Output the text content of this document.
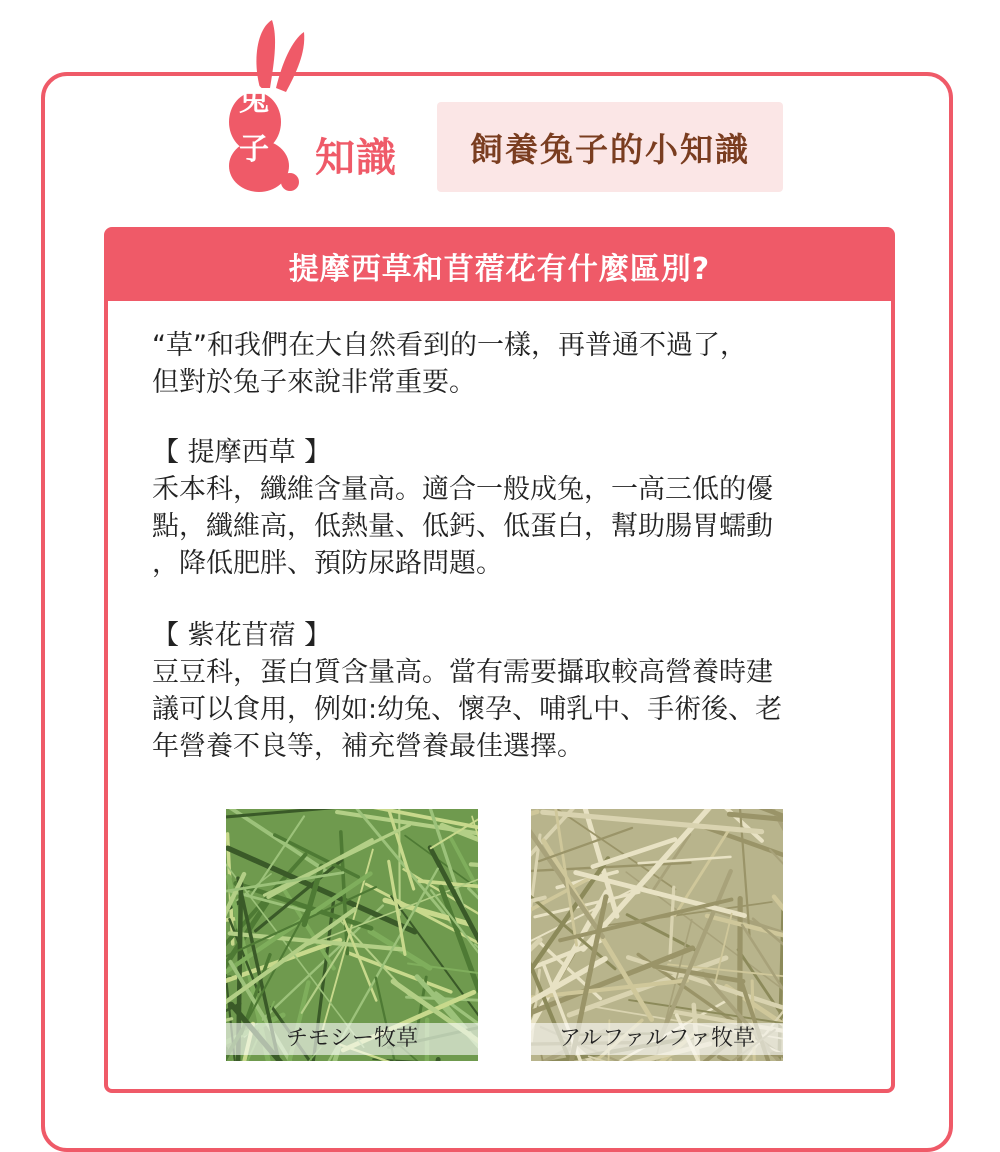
兔
子 知識	飼養兔子的小知識
提摩西草和苜蓿花有什麼區別?

“草”和我們在大自然看到的一樣，再普通不過了，
但對於兔子來說非常重要。

【 提摩西草 】

禾本科，纖維含量高。適合一般成兔，一高三低的優
點，纖維高，低熱量、低鈣、低蛋白，幫助腸胃蠕動
，降低肥胖、預防尿路問題。

【 紫花苜蓿 】

豆豆科，蛋白質含量高。當有需要攝取較高營養時建
議可以食用，例如:幼兔、懷孕、哺乳中、手術後、老
年營養不良等，補充營養最佳選擇。

チモシー牧草	アルファルファ牧草
